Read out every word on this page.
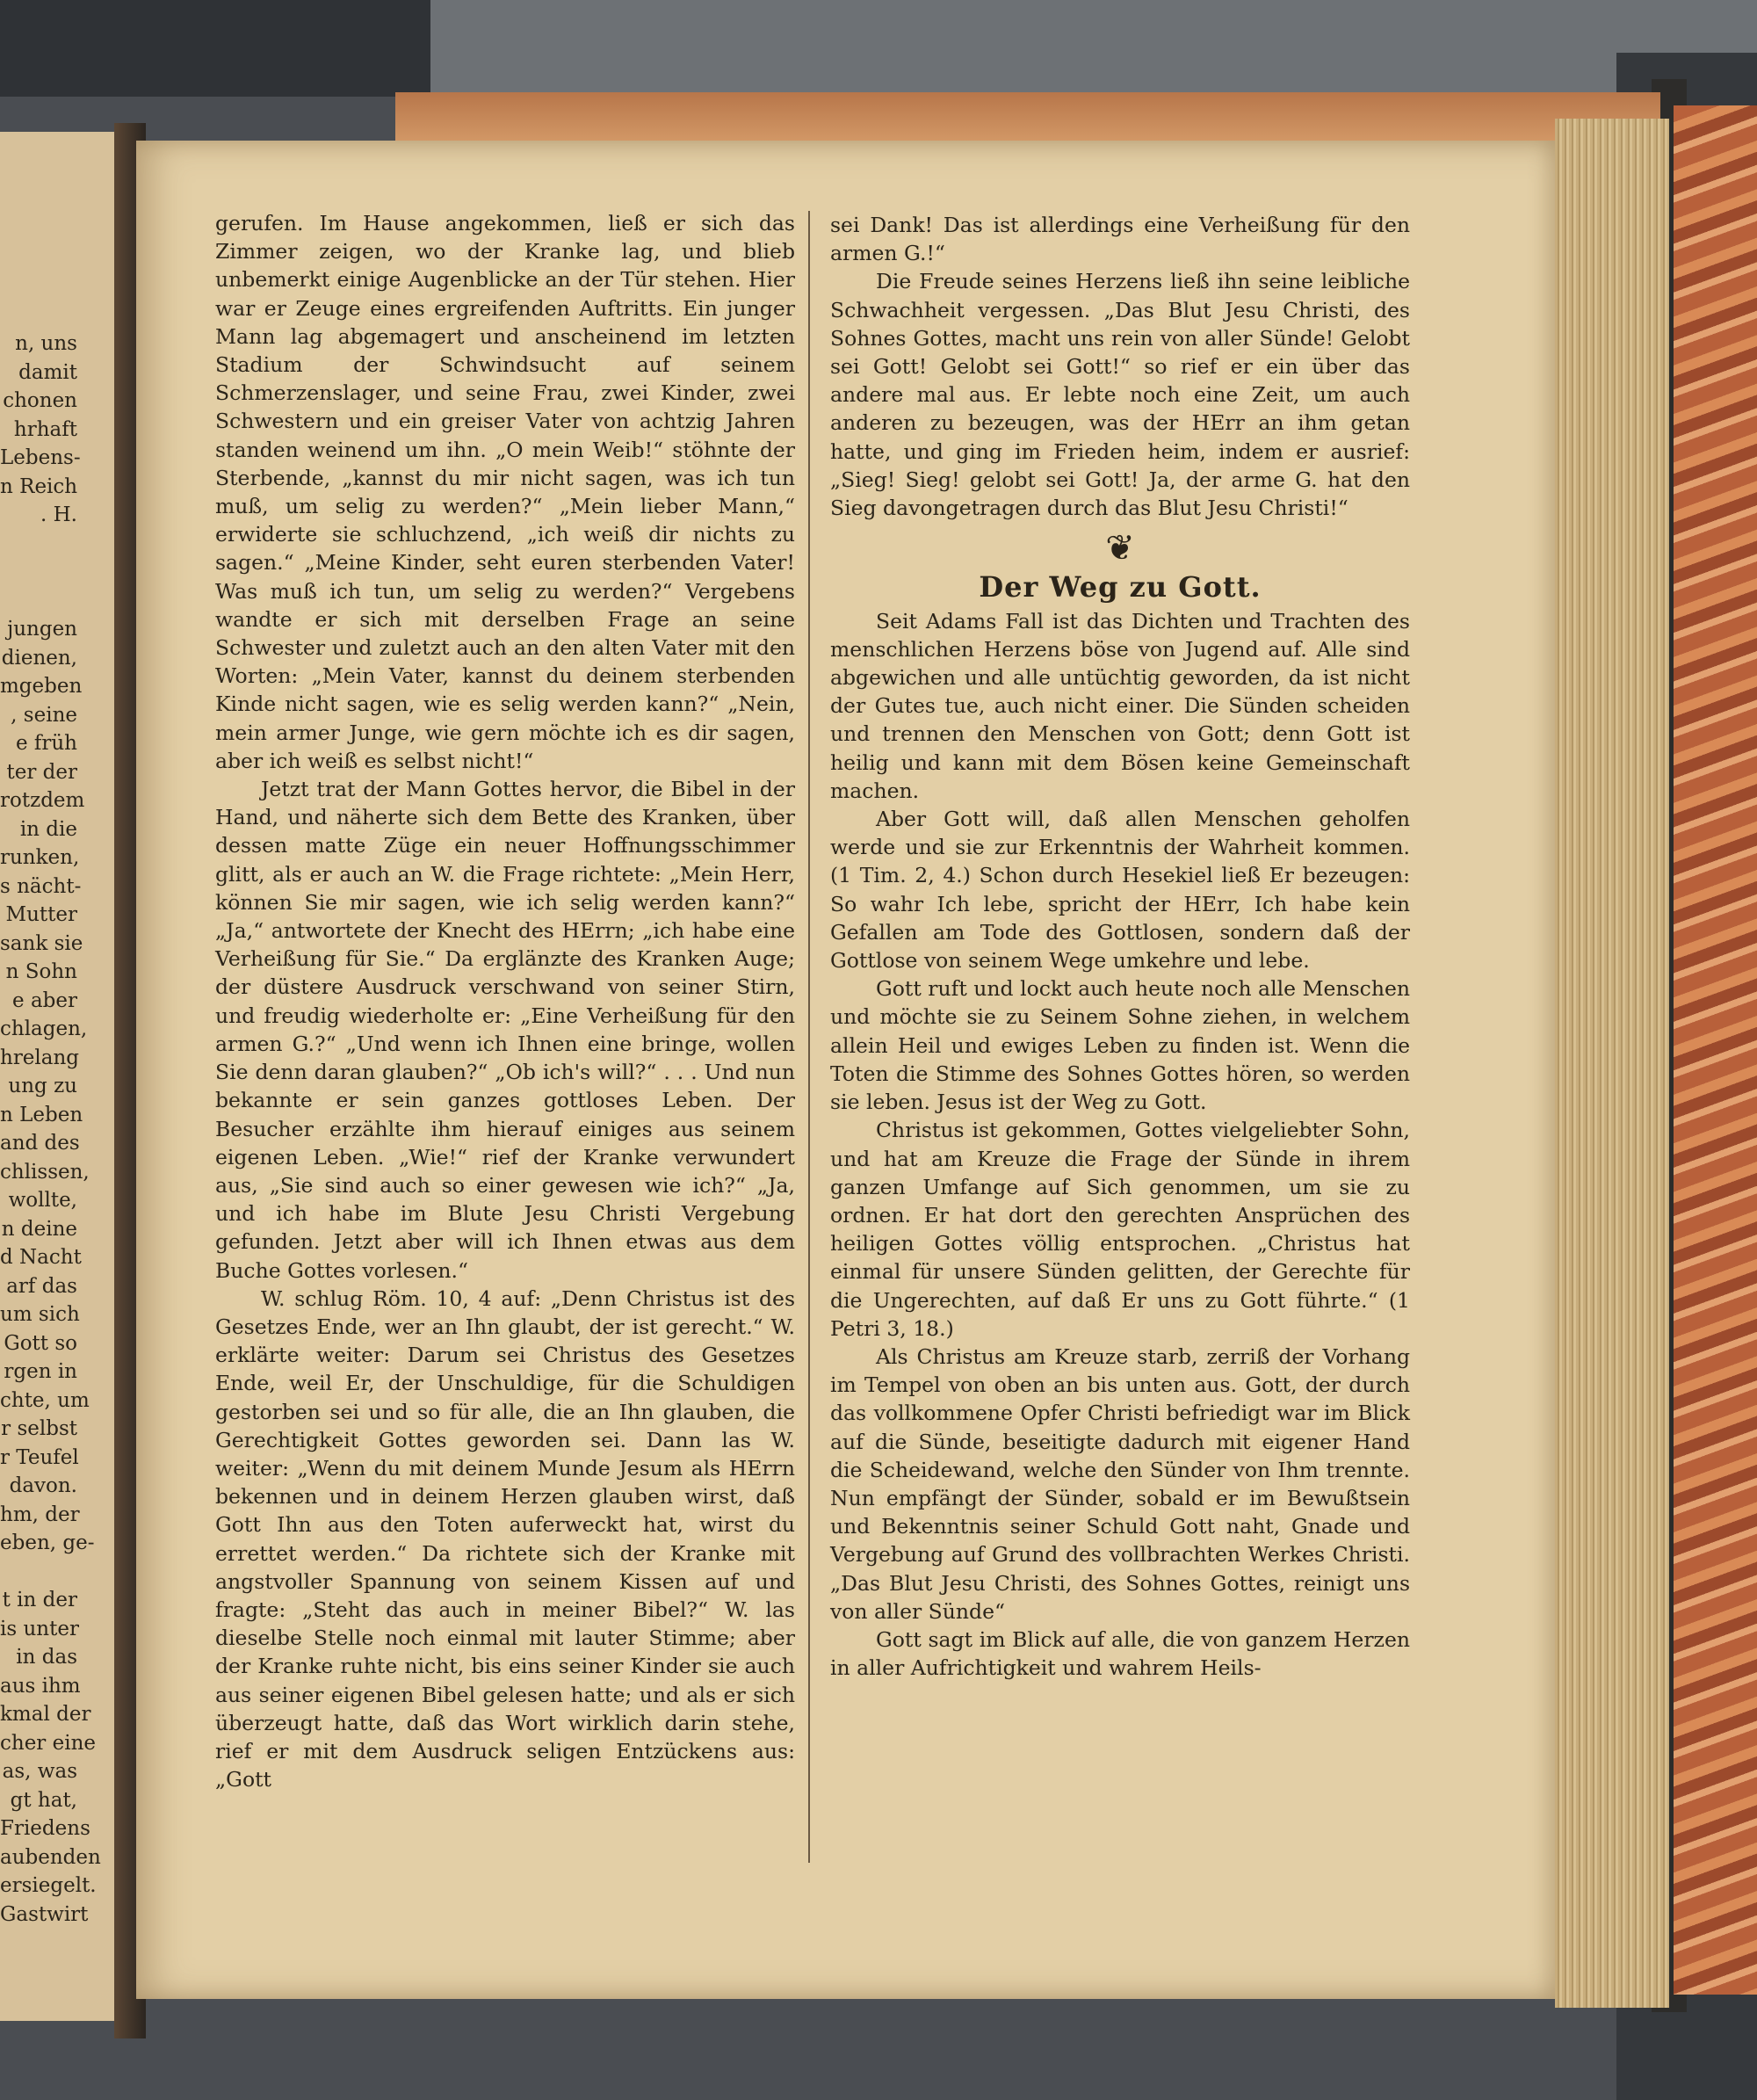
n, uns
damit
chonen
hrhaft
Lebens-
n Reich
. H.
jungen
dienen,
mgeben
, seine
e früh
ter der
rotzdem
in die
runken,
s nächt-
Mutter
sank sie
n Sohn
e aber
chlagen,
hrelang
ung zu
n Leben
and des
chlissen,
wollte,
n deine
d Nacht
arf das
um sich
Gott so
rgen in
chte, um
r selbst
r Teufel
davon.
hm, der
eben, ge-
t in der
is unter
in das
aus ihm
kmal der
cher eine
as, was
gt hat,
Friedens
aubenden
ersiegelt.
Gastwirt

gerufen. Im Hause angekommen, ließ er sich das Zimmer zeigen, wo der Kranke lag, und blieb unbemerkt einige Augenblicke an der Tür stehen. Hier war er Zeuge eines ergreifenden Auftritts. Ein junger Mann lag abgemagert und anscheinend im letzten Stadium der Schwindsucht auf seinem Schmerzenslager, und seine Frau, zwei Kinder, zwei Schwestern und ein greiser Vater von achtzig Jahren standen weinend um ihn. „O mein Weib!“ stöhnte der Sterbende, „kannst du mir nicht sagen, was ich tun muß, um selig zu werden?“ „Mein lieber Mann,“ erwiderte sie schluchzend, „ich weiß dir nichts zu sagen.“ „Meine Kinder, seht euren sterbenden Vater! Was muß ich tun, um selig zu werden?“ Vergebens wandte er sich mit derselben Frage an seine Schwester und zuletzt auch an den alten Vater mit den Worten: „Mein Vater, kannst du deinem sterbenden Kinde nicht sagen, wie es selig werden kann?“ „Nein, mein armer Junge, wie gern möchte ich es dir sagen, aber ich weiß es selbst nicht!“

Jetzt trat der Mann Gottes hervor, die Bibel in der Hand, und näherte sich dem Bette des Kranken, über dessen matte Züge ein neuer Hoffnungsschimmer glitt, als er auch an W. die Frage richtete: „Mein Herr, können Sie mir sagen, wie ich selig werden kann?“ „Ja,“ antwortete der Knecht des HErrn; „ich habe eine Verheißung für Sie.“ Da erglänzte des Kranken Auge; der düstere Ausdruck verschwand von seiner Stirn, und freudig wiederholte er: „Eine Verheißung für den armen G.?“ „Und wenn ich Ihnen eine bringe, wollen Sie denn daran glauben?“ „Ob ich's will?“ . . . Und nun bekannte er sein ganzes gottloses Leben. Der Besucher erzählte ihm hierauf einiges aus seinem eigenen Leben. „Wie!“ rief der Kranke verwundert aus, „Sie sind auch so einer gewesen wie ich?“ „Ja, und ich habe im Blute Jesu Christi Vergebung gefunden. Jetzt aber will ich Ihnen etwas aus dem Buche Gottes vorlesen.“

W. schlug Röm. 10, 4 auf: „Denn Christus ist des Gesetzes Ende, wer an Ihn glaubt, der ist gerecht.“ W. erklärte weiter: Darum sei Christus des Gesetzes Ende, weil Er, der Unschuldige, für die Schuldigen gestorben sei und so für alle, die an Ihn glauben, die Gerechtigkeit Gottes geworden sei. Dann las W. weiter: „Wenn du mit deinem Munde Jesum als HErrn bekennen und in deinem Herzen glauben wirst, daß Gott Ihn aus den Toten auferweckt hat, wirst du errettet werden.“ Da richtete sich der Kranke mit angstvoller Spannung von seinem Kissen auf und fragte: „Steht das auch in meiner Bibel?“ W. las dieselbe Stelle noch einmal mit lauter Stimme; aber der Kranke ruhte nicht, bis eins seiner Kinder sie auch aus seiner eigenen Bibel gelesen hatte; und als er sich überzeugt hatte, daß das Wort wirklich darin stehe, rief er mit dem Ausdruck seligen Entzückens aus: „Gott

sei Dank! Das ist allerdings eine Verheißung für den armen G.!“

Die Freude seines Herzens ließ ihn seine leibliche Schwachheit vergessen. „Das Blut Jesu Christi, des Sohnes Gottes, macht uns rein von aller Sünde! Gelobt sei Gott! Gelobt sei Gott!“ so rief er ein über das andere mal aus. Er lebte noch eine Zeit, um auch anderen zu bezeugen, was der HErr an ihm getan hatte, und ging im Frieden heim, indem er ausrief: „Sieg! Sieg! gelobt sei Gott! Ja, der arme G. hat den Sieg davongetragen durch das Blut Jesu Christi!“

❦
Der Weg zu Gott.

Seit Adams Fall ist das Dichten und Trachten des menschlichen Herzens böse von Jugend auf. Alle sind abgewichen und alle untüchtig geworden, da ist nicht der Gutes tue, auch nicht einer. Die Sünden scheiden und trennen den Menschen von Gott; denn Gott ist heilig und kann mit dem Bösen keine Gemeinschaft machen.

Aber Gott will, daß allen Menschen geholfen werde und sie zur Erkenntnis der Wahrheit kommen. (1 Tim. 2, 4.) Schon durch Hesekiel ließ Er bezeugen: So wahr Ich lebe, spricht der HErr, Ich habe kein Gefallen am Tode des Gottlosen, sondern daß der Gottlose von seinem Wege umkehre und lebe.

Gott ruft und lockt auch heute noch alle Menschen und möchte sie zu Seinem Sohne ziehen, in welchem allein Heil und ewiges Leben zu finden ist. Wenn die Toten die Stimme des Sohnes Gottes hören, so werden sie leben. Jesus ist der Weg zu Gott.

Christus ist gekommen, Gottes vielgeliebter Sohn, und hat am Kreuze die Frage der Sünde in ihrem ganzen Umfange auf Sich genommen, um sie zu ordnen. Er hat dort den gerechten Ansprüchen des heiligen Gottes völlig entsprochen. „Christus hat einmal für unsere Sünden gelitten, der Gerechte für die Ungerechten, auf daß Er uns zu Gott führte.“ (1 Petri 3, 18.)

Als Christus am Kreuze starb, zerriß der Vorhang im Tempel von oben an bis unten aus. Gott, der durch das vollkommene Opfer Christi befriedigt war im Blick auf die Sünde, beseitigte dadurch mit eigener Hand die Scheidewand, welche den Sünder von Ihm trennte. Nun empfängt der Sünder, sobald er im Bewußtsein und Bekenntnis seiner Schuld Gott naht, Gnade und Vergebung auf Grund des vollbrachten Werkes Christi. „Das Blut Jesu Christi, des Sohnes Gottes, reinigt uns von aller Sünde“

Gott sagt im Blick auf alle, die von ganzem Herzen in aller Aufrichtigkeit und wahrem Heils-
